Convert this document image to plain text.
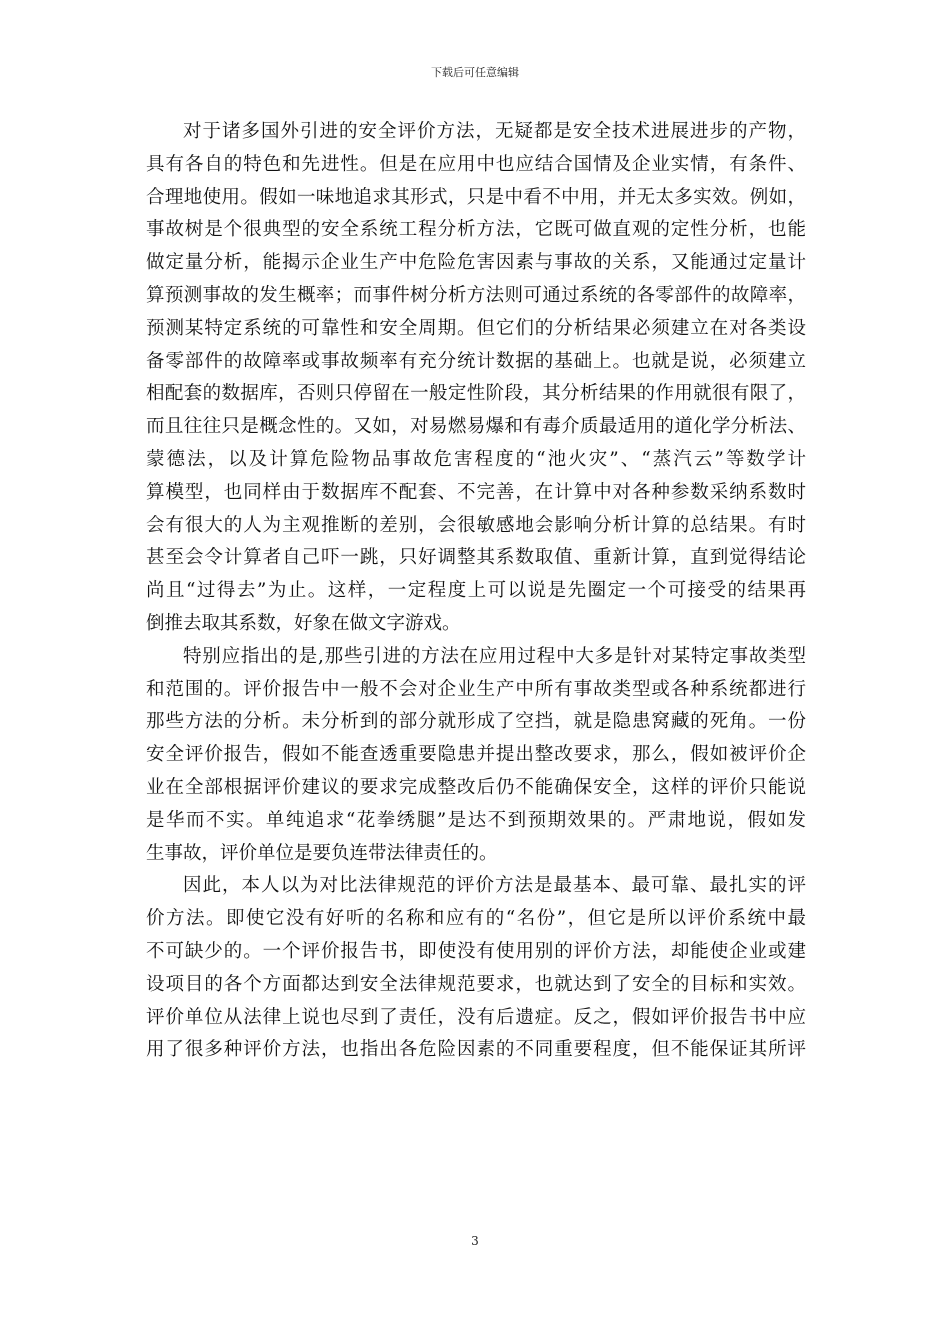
下载后可任意编辑
对于诸多国外引进的安全评价方法，无疑都是安全技术进展进步的产物，
具有各自的特色和先进性。但是在应用中也应结合国情及企业实情，有条件、
合理地使用。假如一味地追求其形式，只是中看不中用，并无太多实效。例如，
事故树是个很典型的安全系统工程分析方法，它既可做直观的定性分析，也能
做定量分析，能揭示企业生产中危险危害因素与事故的关系，又能通过定量计
算预测事故的发生概率；而事件树分析方法则可通过系统的各零部件的故障率，
预测某特定系统的可靠性和安全周期。但它们的分析结果必须建立在对各类设
备零部件的故障率或事故频率有充分统计数据的基础上。也就是说，必须建立
相配套的数据库，否则只停留在一般定性阶段，其分析结果的作用就很有限了，
而且往往只是概念性的。又如，对易燃易爆和有毒介质最适用的道化学分析法、
蒙德法，以及计算危险物品事故危害程度的“池火灾”、“蒸汽云”等数学计
算模型，也同样由于数据库不配套、不完善，在计算中对各种参数采纳系数时
会有很大的人为主观推断的差别，会很敏感地会影响分析计算的总结果。有时
甚至会令计算者自己吓一跳，只好调整其系数取值、重新计算，直到觉得结论
尚且“过得去”为止。这样，一定程度上可以说是先圈定一个可接受的结果再
倒推去取其系数，好象在做文字游戏。
特别应指出的是,那些引进的方法在应用过程中大多是针对某特定事故类型
和范围的。评价报告中一般不会对企业生产中所有事故类型或各种系统都进行
那些方法的分析。未分析到的部分就形成了空挡，就是隐患窝藏的死角。一份
安全评价报告，假如不能查透重要隐患并提出整改要求，那么，假如被评价企
业在全部根据评价建议的要求完成整改后仍不能确保安全，这样的评价只能说
是华而不实。单纯追求“花拳绣腿”是达不到预期效果的。严肃地说，假如发
生事故，评价单位是要负连带法律责任的。
因此，本人以为对比法律规范的评价方法是最基本、最可靠、最扎实的评
价方法。即使它没有好听的名称和应有的“名份”，但它是所以评价系统中最
不可缺少的。一个评价报告书，即使没有使用别的评价方法，却能使企业或建
设项目的各个方面都达到安全法律规范要求，也就达到了安全的目标和实效。
评价单位从法律上说也尽到了责任，没有后遗症。反之，假如评价报告书中应
用了很多种评价方法，也指出各危险因素的不同重要程度，但不能保证其所评
3
